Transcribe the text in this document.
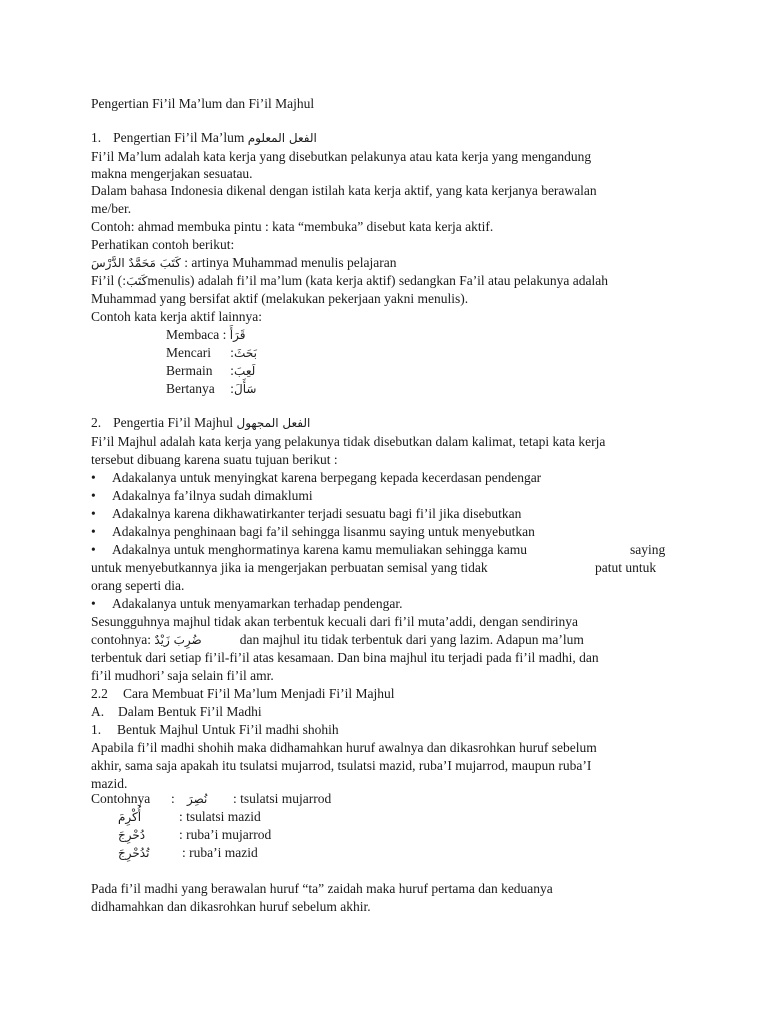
Pengertian Fi’il Ma’lum dan Fi’il Majhul
1. Pengertian Fi’il Ma’lum الفعل المعلوم
Fi’il Ma’lum adalah kata kerja yang disebutkan pelakunya atau kata kerja yang mengandung
makna mengerjakan sesuatau.
Dalam bahasa Indonesia dikenal dengan istilah kata kerja aktif, yang kata kerjanya berawalan
me/ber.
Contoh: ahmad membuka pintu : kata “membuka” disebut kata kerja aktif.
Perhatikan contoh berikut:
كَتَبَ مَحَمَّدٌ الدَّرْسَ : artinya Muhammad menulis pelajaran
Fi’il (:كَتَبَmenulis) adalah fi’il ma’lum (kata kerja aktif) sedangkan Fa’il atau pelakunya adalah
Muhammad yang bersifat aktif (melakukan pekerjaan yakni menulis).
Contoh kata kerja aktif lainnya:
Membaca : قَرَأَ
Mencari :بَحَثَ
Bermain :لَعِبَ
Bertanya :سَأَلَ
2. Pengertia Fi’il Majhul الفعل المجهول
Fi’il Majhul adalah kata kerja yang pelakunya tidak disebutkan dalam kalimat, tetapi kata kerja
tersebut dibuang karena suatu tujuan berikut :
• Adakalanya untuk menyingkat karena berpegang kepada kecerdasan pendengar
• Adakalnya fa’ilnya sudah dimaklumi
• Adakalnya karena dikhawatirkanter terjadi sesuatu bagi fi’il jika disebutkan
• Adakalnya penghinaan bagi fa’il sehingga lisanmu saying untuk menyebutkan
• Adakalnya untuk menghormatinya karena kamu memuliakan sehingga kamu	saying
untuk menyebutkannya jika ia mengerjakan perbuatan semisal yang tidak	patut untuk
orang seperti dia.
• Adakalanya untuk menyamarkan terhadap pendengar.
Sesungguhnya majhul tidak akan terbentuk kecuali dari fi’il muta’addi, dengan sendirinya
contohnya: ضُرِبَ زَيْدٌ	dan majhul itu tidak terbentuk dari yang lazim. Adapun ma’lum
terbentuk dari setiap fi’il-fi’il atas kesamaan. Dan bina majhul itu terjadi pada fi’il madhi, dan
fi’il mudhori’ saja selain fi’il amr.
2.2 Cara Membuat Fi’il Ma’lum Menjadi Fi’il Majhul
A. Dalam Bentuk Fi’il Madhi
1. Bentuk Majhul Untuk Fi’il madhi shohih
Apabila fi’il madhi shohih maka didhamahkan huruf awalnya dan dikasrohkan huruf sebelum
akhir, sama saja apakah itu tsulatsi mujarrod, tsulatsi mazid, ruba’I mujarrod, maupun ruba’I
mazid.
Contohnya : نُصِرَ : tsulatsi mujarrod
أُكْرِمَ	: tsulatsi mazid
دُحْرِجَ	: ruba’i mujarrod
تُدُحْرِجَ : ruba’i mazid
Pada fi’il madhi yang berawalan huruf “ta” zaidah maka huruf pertama dan keduanya
didhamahkan dan dikasrohkan huruf sebelum akhir.
